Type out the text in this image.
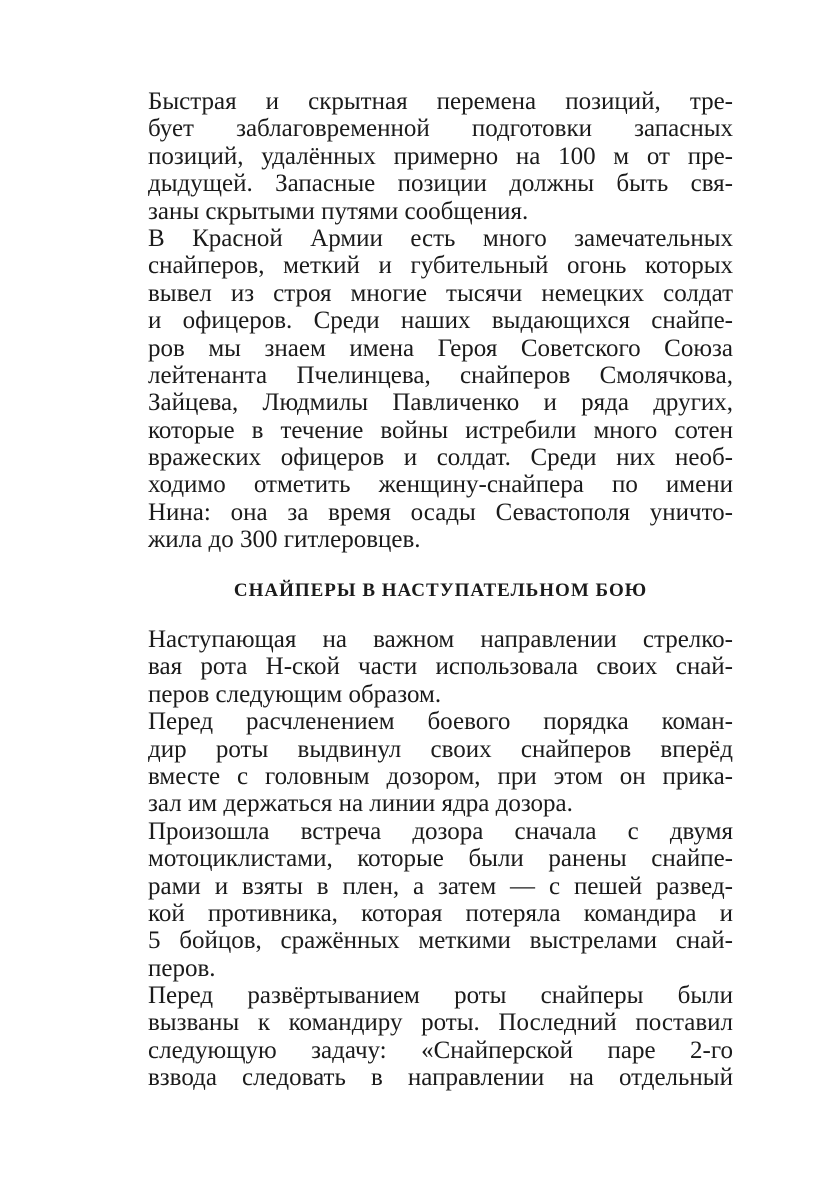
Быстрая и скрытная перемена позиций, тре-
бует заблаговременной подготовки запасных
позиций, удалённых примерно на 100 м от пре-
дыдущей. Запасные позиции должны быть свя-
заны скрытыми путями сообщения.
В Красной Армии есть много замечательных
снайперов, меткий и губительный огонь которых
вывел из строя многие тысячи немецких солдат
и офицеров. Среди наших выдающихся снайпе-
ров мы знаем имена Героя Советского Союза
лейтенанта Пчелинцева, снайперов Смолячкова,
Зайцева, Людмилы Павличенко и ряда других,
которые в течение войны истребили много сотен
вражеских офицеров и солдат. Среди них необ-
ходимо отметить женщину-снайпера по имени
Нина: она за время осады Севастополя уничто-
жила до 300 гитлеровцев.
СНАЙПЕРЫ В НАСТУПАТЕЛЬНОМ БОЮ
Наступающая на важном направлении стрелко-
вая рота Н-ской части использовала своих снай-
перов следующим образом.
Перед расчленением боевого порядка коман-
дир роты выдвинул своих снайперов вперёд
вместе с головным дозором, при этом он прика-
зал им держаться на линии ядра дозора.
Произошла встреча дозора сначала с двумя
мотоциклистами, которые были ранены снайпе-
рами и взяты в плен, а затем — с пешей развед-
кой противника, которая потеряла командира и
5 бойцов, сражённых меткими выстрелами снай-
перов.
Перед развёртыванием роты снайперы были
вызваны к командиру роты. Последний поставил
следующую задачу: «Снайперской паре 2-го
взвода следовать в направлении на отдельный
